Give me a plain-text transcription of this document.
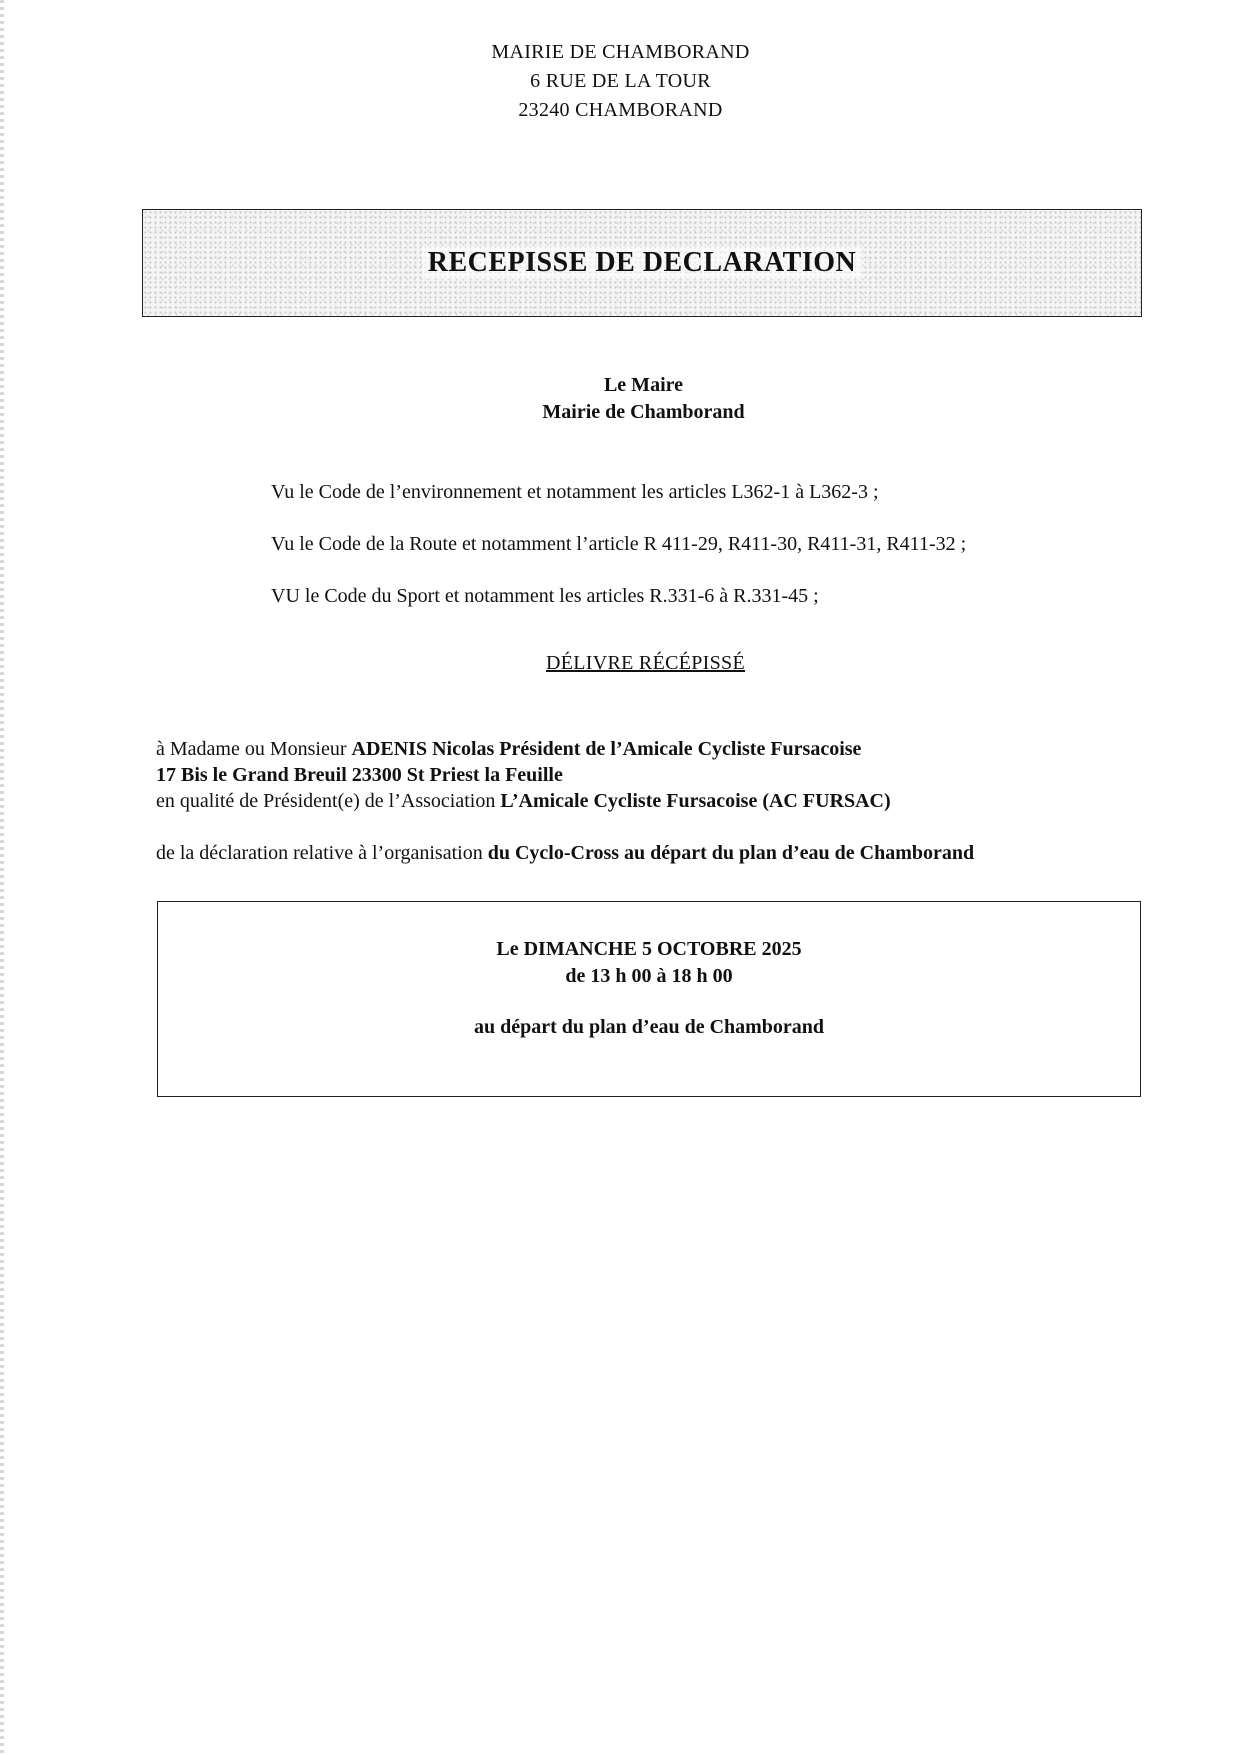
MAIRIE DE CHAMBORAND
6 RUE DE LA TOUR
23240 CHAMBORAND
RECEPISSE DE DECLARATION
Le Maire
Mairie de Chamborand

Vu le Code de l’environnement et notamment les articles L362-1 à L362-3 ;

Vu le Code de la Route et notamment l’article R 411-29, R411-30, R411-31, R411-32 ;

VU le Code du Sport et notamment les articles R.331-6 à R.331-45 ;

DÉLIVRE RÉCÉPISSÉ
à Madame ou Monsieur ADENIS Nicolas Président de l’Amicale Cycliste Fursacoise
17 Bis le Grand Breuil 23300 St Priest la Feuille
en qualité de Président(e) de l’Association L’Amicale Cycliste Fursacoise (AC FURSAC)
de la déclaration relative à l’organisation du Cyclo-Cross au départ du plan d’eau de Chamborand
Le DIMANCHE 5 OCTOBRE 2025
de 13 h 00 à 18 h 00
au départ du plan d’eau de Chamborand
